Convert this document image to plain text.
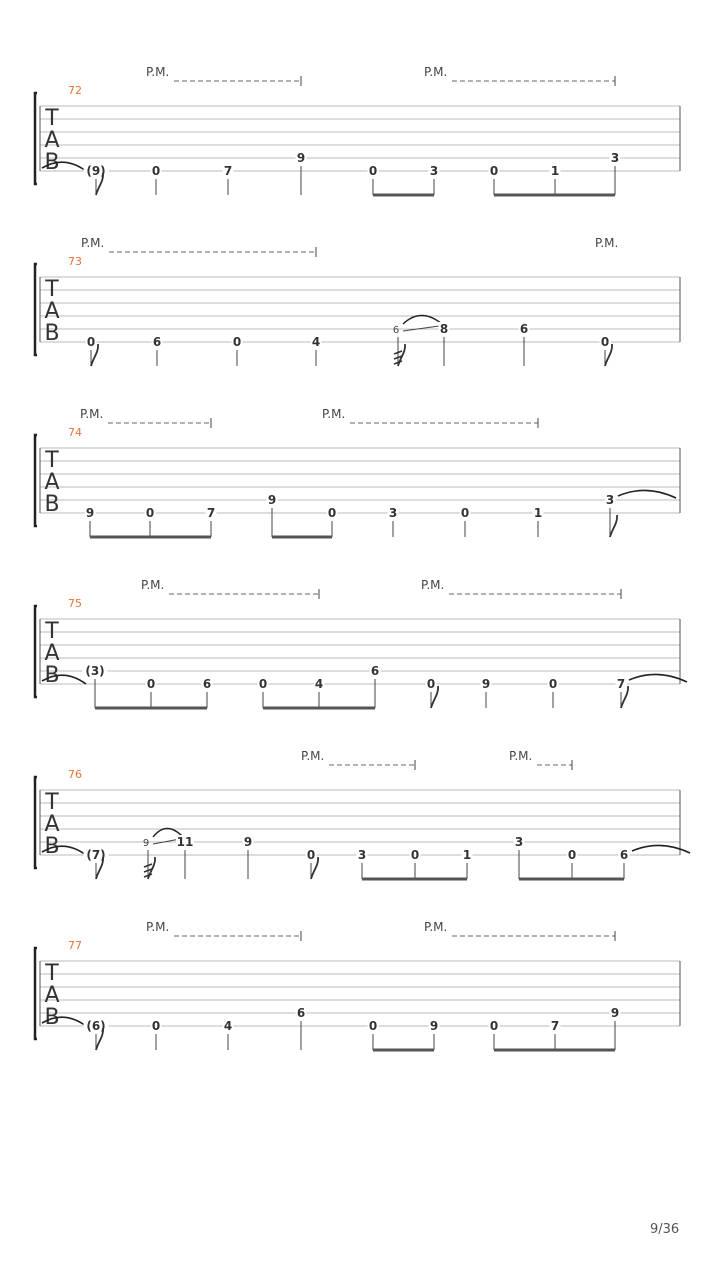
T
A
B
72
P.M.	P.M.
(9)	0	7
9
0	3	0	1
3
T
A
B
73
P.M.	P.M.
0	6	0	4
6	8	6
0
T
A
B
74
P.M.	P.M.
9	0	7
9
0	3	0	1
3
T
A
B
75
P.M.	P.M.
(3)
0	6	0	4
6
0	9	0	7
T
A
B
76
P.M.	P.M.
(7)
9 11	9
0	3	0	1
3
0	6
T
A
B
77
P.M.	P.M.
(6)	0	4
6
0	9	0	7
9
9/36
